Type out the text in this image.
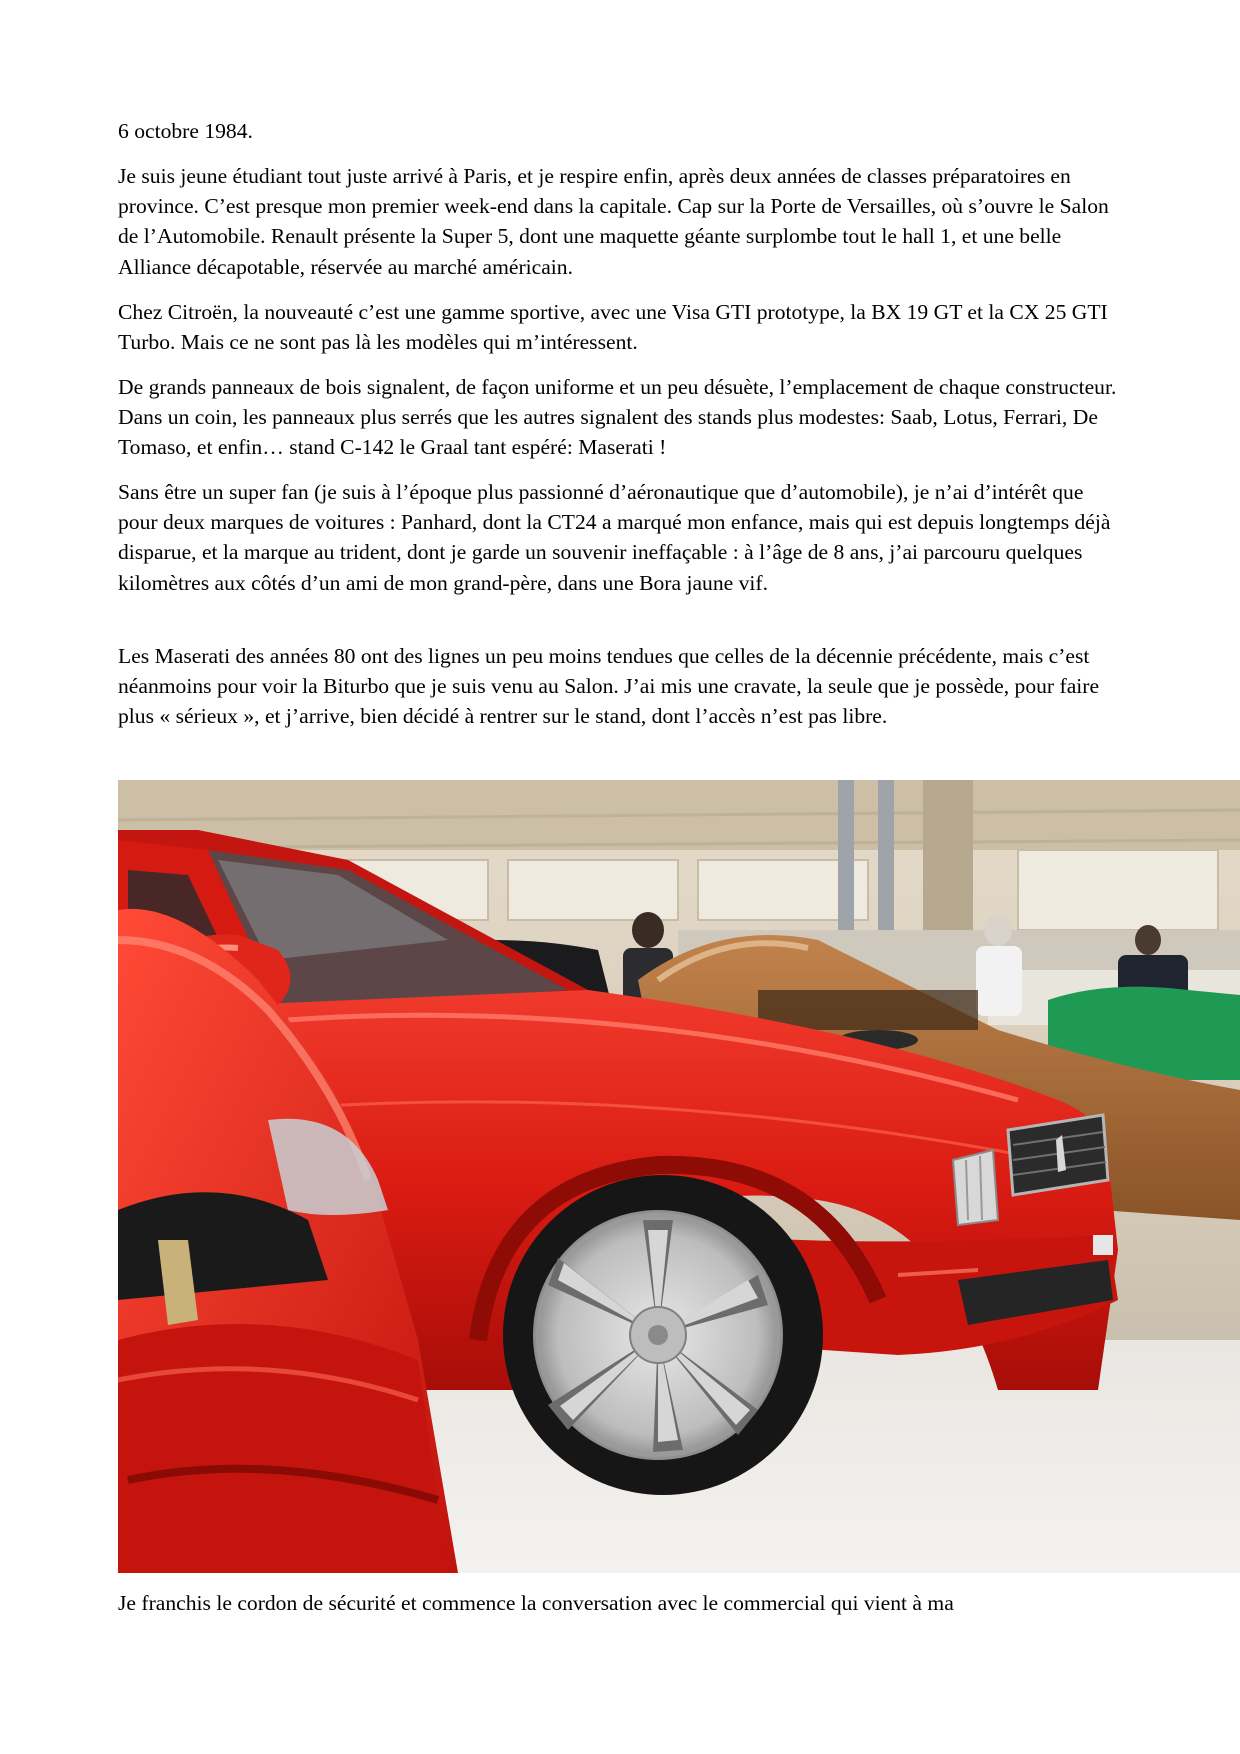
6 octobre 1984.

Je suis jeune étudiant tout juste arrivé à Paris, et je respire enfin, après deux années de classes préparatoires en province. C’est presque mon premier week-end dans la capitale. Cap sur la Porte de Versailles, où s’ouvre le Salon de l’Automobile. Renault présente la Super 5, dont une maquette géante surplombe tout le hall 1, et une belle Alliance décapotable, réservée au marché américain.

Chez Citroën, la nouveauté c’est une gamme sportive, avec une Visa GTI prototype, la BX 19 GT et la CX 25 GTI Turbo. Mais ce ne sont pas là les modèles qui m’intéressent.

De grands panneaux de bois signalent, de façon uniforme et un peu désuète, l’emplacement de chaque constructeur. Dans un coin, les panneaux plus serrés que les autres signalent des stands plus modestes: Saab, Lotus, Ferrari, De Tomaso, et enfin… stand C-142 le Graal tant espéré: Maserati !

Sans être un super fan (je suis à l’époque plus passionné d’aéronautique que d’automobile), je n’ai d’intérêt que pour deux marques de voitures : Panhard, dont la CT24 a marqué mon enfance, mais qui est depuis longtemps déjà disparue, et la marque au trident, dont je garde un souvenir ineffaçable : à l’âge de 8 ans, j’ai parcouru quelques kilomètres aux côtés d’un ami de mon grand-père, dans une Bora jaune vif.

Les Maserati des années 80 ont des lignes un peu moins tendues que celles de la décennie précédente, mais c’est néanmoins pour voir la Biturbo que je suis venu au Salon. J’ai mis une cravate, la seule que je possède, pour faire plus « sérieux », et j’arrive, bien décidé à rentrer sur le stand, dont l’accès n’est pas libre.

Je franchis le cordon de sécurité et commence la conversation avec le commercial qui vient à ma
